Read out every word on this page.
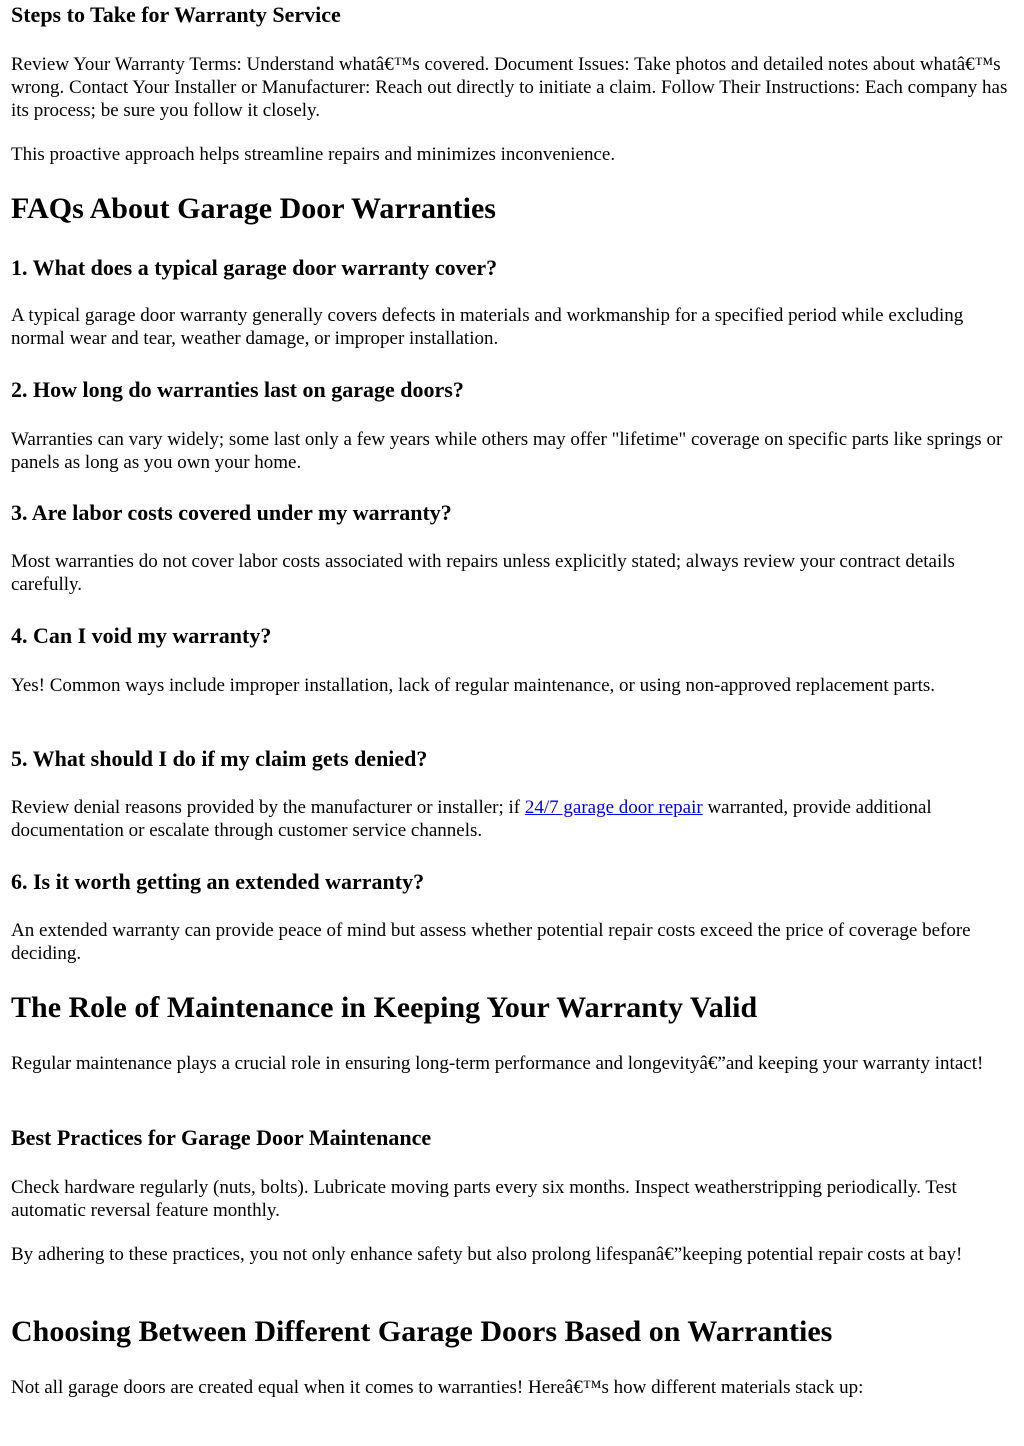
Steps to Take for Warranty Service

Review Your Warranty Terms: Understand whatâ€™s covered. Document Issues: Take photos and detailed notes about whatâ€™s wrong. Contact Your Installer or Manufacturer: Reach out directly to initiate a claim. Follow Their Instructions: Each company has its process; be sure you follow it closely.

This proactive approach helps streamline repairs and minimizes inconvenience.

FAQs About Garage Door Warranties
1. What does a typical garage door warranty cover?

A typical garage door warranty generally covers defects in materials and workmanship for a specified period while excluding normal wear and tear, weather damage, or improper installation.

2. How long do warranties last on garage doors?

Warranties can vary widely; some last only a few years while others may offer "lifetime" coverage on specific parts like springs or panels as long as you own your home.

3. Are labor costs covered under my warranty?

Most warranties do not cover labor costs associated with repairs unless explicitly stated; always review your contract details carefully.

4. Can I void my warranty?

Yes! Common ways include improper installation, lack of regular maintenance, or using non-approved replacement parts.

5. What should I do if my claim gets denied?

Review denial reasons provided by the manufacturer or installer; if 24/7 garage door repair warranted, provide additional documentation or escalate through customer service channels.

6. Is it worth getting an extended warranty?

An extended warranty can provide peace of mind but assess whether potential repair costs exceed the price of coverage before deciding.

The Role of Maintenance in Keeping Your Warranty Valid

Regular maintenance plays a crucial role in ensuring long-term performance and longevityâ€”and keeping your warranty intact!

Best Practices for Garage Door Maintenance

Check hardware regularly (nuts, bolts). Lubricate moving parts every six months. Inspect weatherstripping periodically. Test automatic reversal feature monthly.

By adhering to these practices, you not only enhance safety but also prolong lifespanâ€”keeping potential repair costs at bay!

Choosing Between Different Garage Doors Based on Warranties

Not all garage doors are created equal when it comes to warranties! Hereâ€™s how different materials stack up:
